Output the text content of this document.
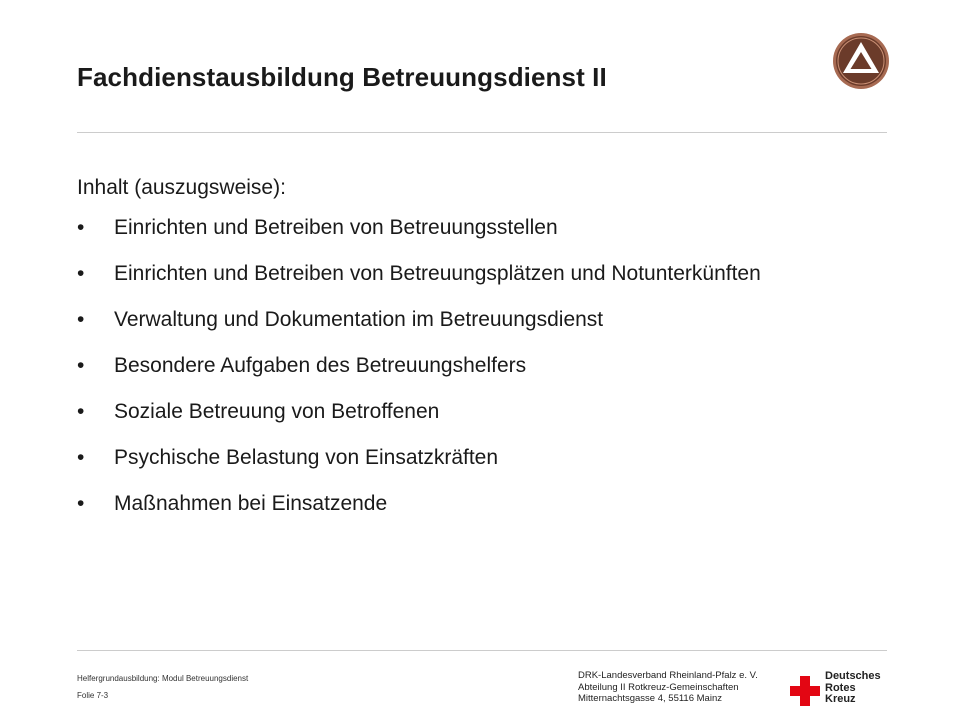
Fachdienstausbildung Betreuungsdienst II
Inhalt (auszugsweise):
• Einrichten und Betreiben von Betreuungsstellen
• Einrichten und Betreiben von Betreuungsplätzen und Notunterkünften
• Verwaltung und Dokumentation im Betreuungsdienst
• Besondere Aufgaben des Betreuungshelfers
• Soziale Betreuung von Betroffenen
• Psychische Belastung von Einsatzkräften
• Maßnahmen bei Einsatzende
Helfergrundausbildung: Modul Betreuungsdienst
Folie 7-3
DRK-Landesverband Rheinland-Pfalz e. V.
Abteilung II Rotkreuz-Gemeinschaften
Mitternachtsgasse 4, 55116 Mainz
Deutsches
Rotes
Kreuz
